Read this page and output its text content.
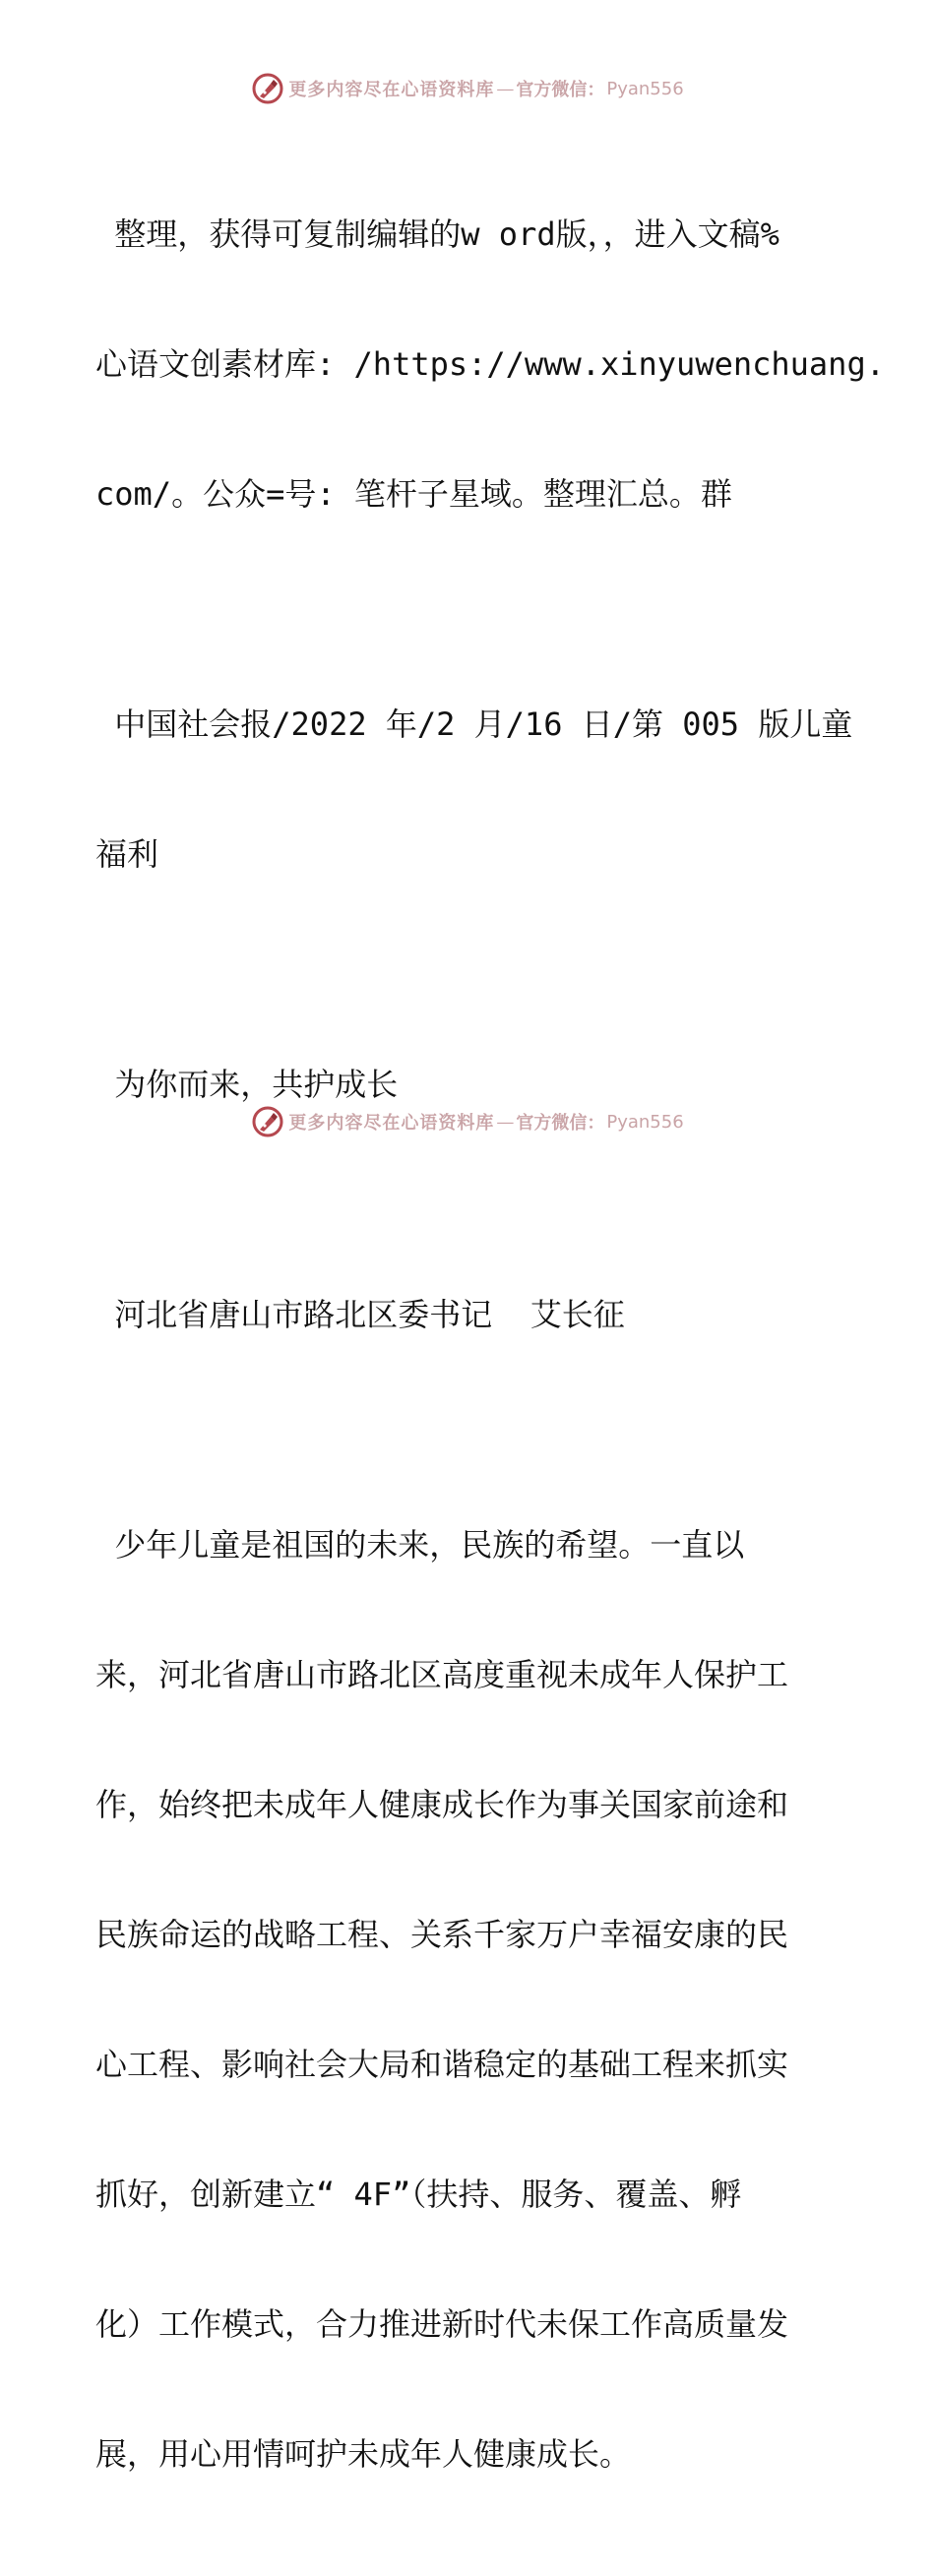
更多内容尽在心语资料库 — 官方微信： Pyan556

整理，获得可复制编辑的w ord版，，进入文稿%

心语文创素材库: /https://www.xinyuwenchuang.

com/。公众=号: 笔杆子星域。整理汇总。群

中国社会报/2022 年/2 月/16 日/第 005 版儿童

福利

为你而来，共护成长

河北省唐山市路北区委书记  艾长征

少年儿童是祖国的未来，民族的希望。一直以

来，河北省唐山市路北区高度重视未成年人保护工

作，始终把未成年人健康成长作为事关国家前途和

民族命运的战略工程、关系千家万户幸福安康的民

心工程、影响社会大局和谐稳定的基础工程来抓实

抓好，创新建立“ 4F”（扶持、服务、覆盖、孵

化）工作模式，合力推进新时代未保工作高质量发

展，用心用情呵护未成年人健康成长。

更多内容尽在心语资料库 — 官方微信： Pyan556
